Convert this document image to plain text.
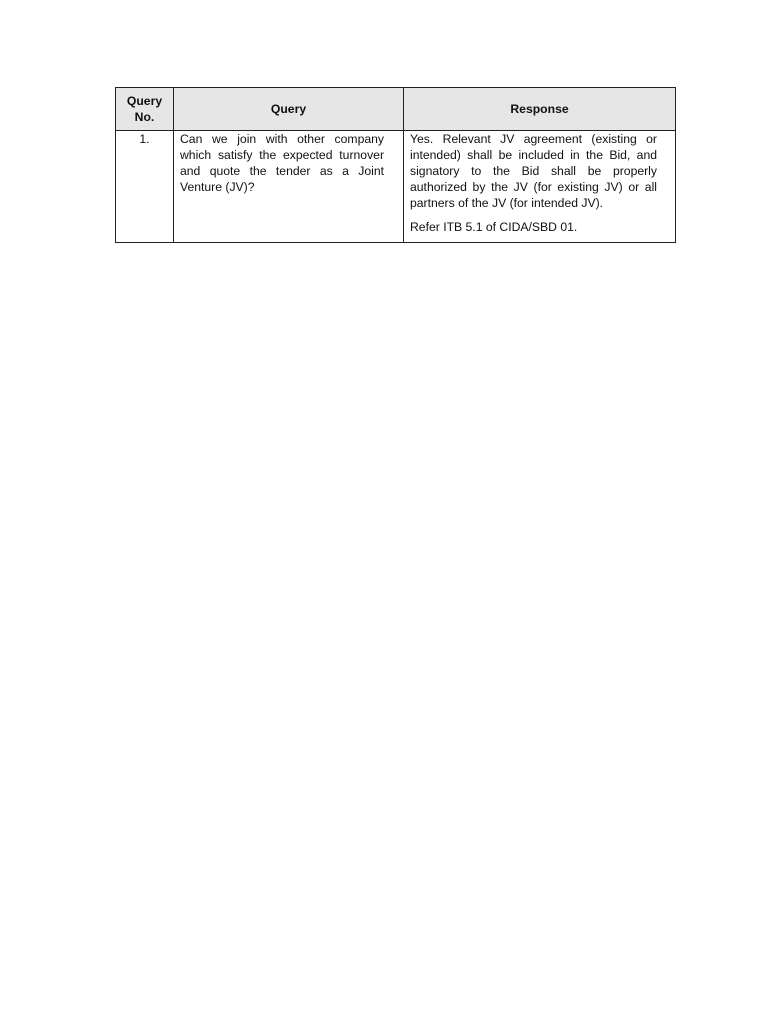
Query No.	Query	Response
1.	Can we join with other company which satisfy the expected turnover and quote the tender as a Joint Venture (JV)?	Yes. Relevant JV agreement (existing or intended) shall be included in the Bid, and signatory to the Bid shall be properly authorized by the JV (for existing JV) or all partners of the JV (for intended JV).

Refer ITB 5.1 of CIDA/SBD 01.
